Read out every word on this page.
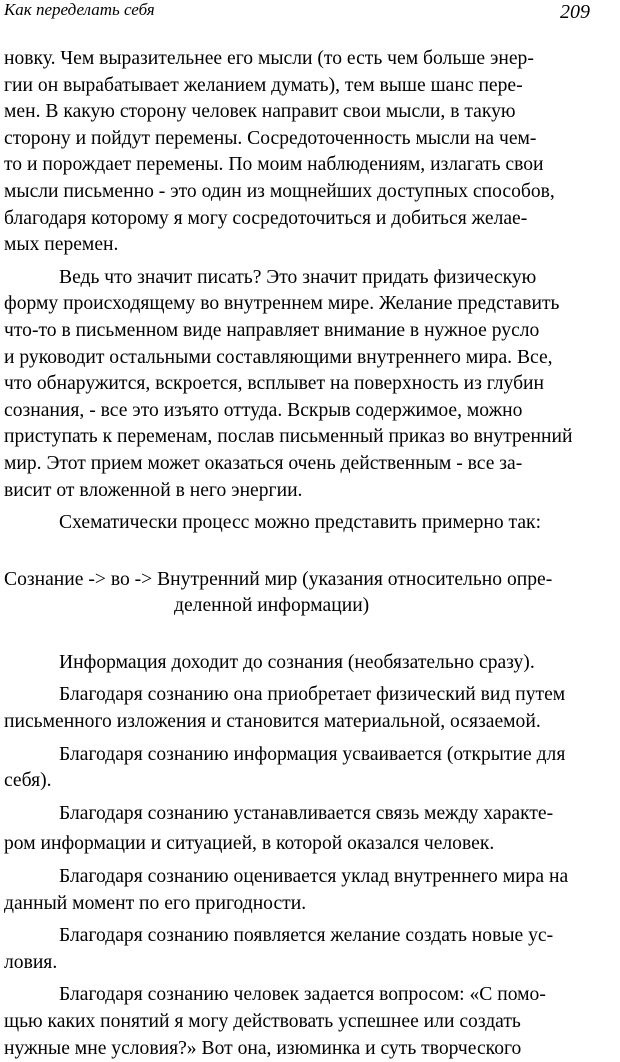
Как переделать себя	209

новку. Чем выразительнее его мысли (то есть чем больше энер-
гии он вырабатывает желанием думать), тем выше шанс пере-
мен. В какую сторону человек направит свои мысли, в такую
сторону и пойдут перемены. Сосредоточенность мысли на чем-
то и порождает перемены. По моим наблюдениям, излагать свои
мысли письменно - это один из мощнейших доступных способов,
благодаря которому я могу сосредоточиться и добиться желае-
мых перемен.

Ведь что значит писать? Это значит придать физическую
форму происходящему во внутреннем мире. Желание представить
что-то в письменном виде направляет внимание в нужное русло
и руководит остальными составляющими внутреннего мира. Все,
что обнаружится, вскроется, всплывет на поверхность из глубин
сознания, - все это изъято оттуда. Вскрыв содержимое, можно
приступать к переменам, послав письменный приказ во внутренний
мир. Этот прием может оказаться очень действенным - все за-
висит от вложенной в него энергии.

Схематически процесс можно представить примерно так:

Сознание -> во -> Внутренний мир (указания относительно опре-
деленной информации)

Информация доходит до сознания (необязательно сразу).

Благодаря сознанию она приобретает физический вид путем
письменного изложения и становится материальной, осязаемой.

Благодаря сознанию информация усваивается (открытие для
себя).

Благодаря сознанию устанавливается связь между характе-
ром информации и ситуацией, в которой оказался человек.

Благодаря сознанию оценивается уклад внутреннего мира на
данный момент по его пригодности.

Благодаря сознанию появляется желание создать новые ус-
ловия.

Благодаря сознанию человек задается вопросом: «С помо-
щью каких понятий я могу действовать успешнее или создать
нужные мне условия?» Вот она, изюминка и суть творческого
